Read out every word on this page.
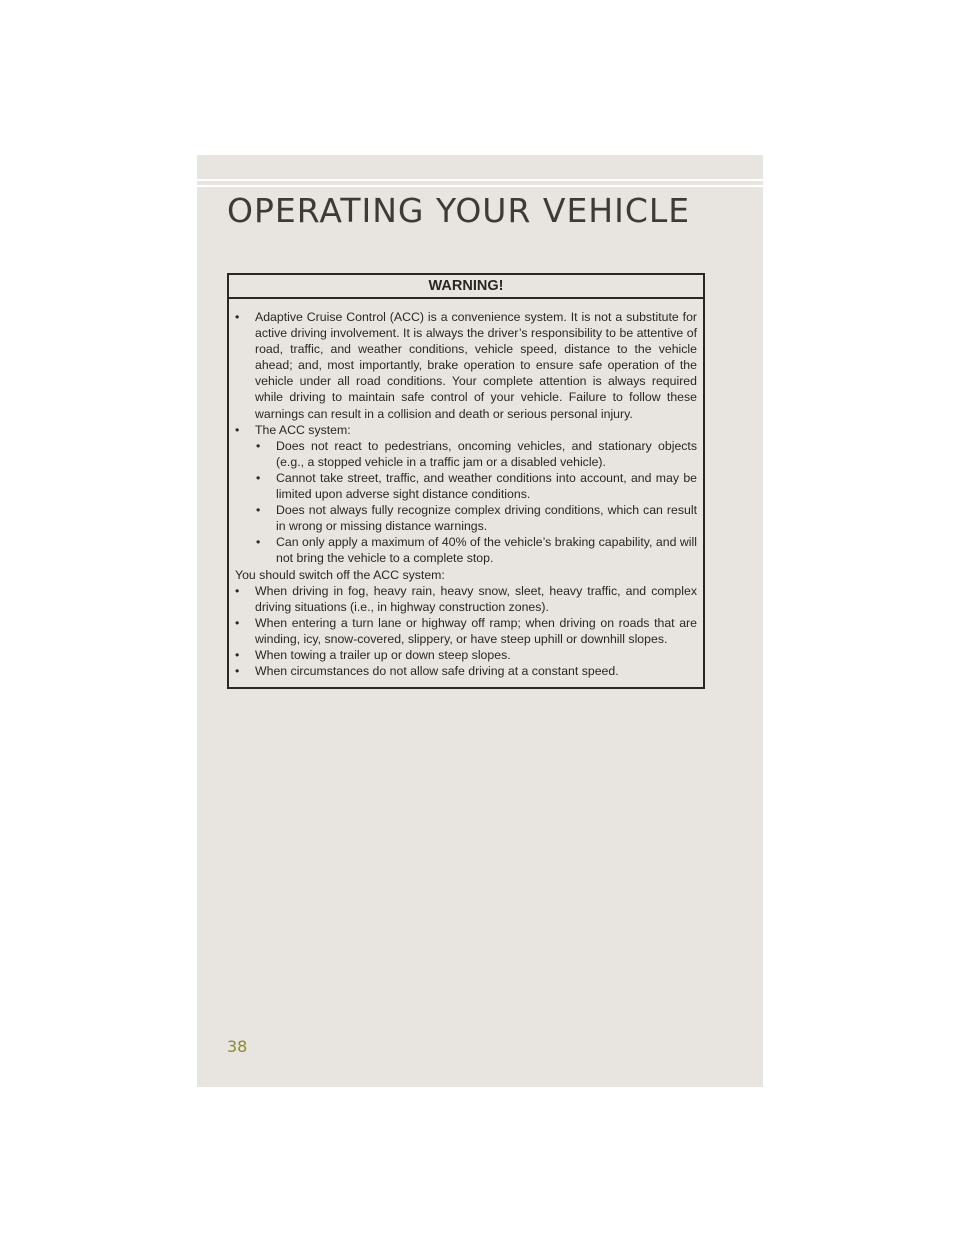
OPERATING YOUR VEHICLE
WARNING!
• Adaptive Cruise Control (ACC) is a convenience system. It is not a substitute for active driving involvement. It is always the driver’s responsibility to be attentive of road, traffic, and weather conditions, vehicle speed, distance to the vehicle ahead; and, most importantly, brake operation to ensure safe operation of the vehicle under all road conditions. Your complete attention is always required while driving to maintain safe control of your vehicle. Failure to follow these warnings can result in a collision and death or serious personal injury.
• The ACC system:
• Does not react to pedestrians, oncoming vehicles, and stationary objects (e.g., a stopped vehicle in a traffic jam or a disabled vehicle).
• Cannot take street, traffic, and weather conditions into account, and may be limited upon adverse sight distance conditions.
• Does not always fully recognize complex driving conditions, which can result in wrong or missing distance warnings.
• Can only apply a maximum of 40% of the vehicle’s braking capability, and will not bring the vehicle to a complete stop.
You should switch off the ACC system:
• When driving in fog, heavy rain, heavy snow, sleet, heavy traffic, and complex driving situations (i.e., in highway construction zones).
• When entering a turn lane or highway off ramp; when driving on roads that are winding, icy, snow-covered, slippery, or have steep uphill or downhill slopes.
• When towing a trailer up or down steep slopes.
• When circumstances do not allow safe driving at a constant speed.
38
